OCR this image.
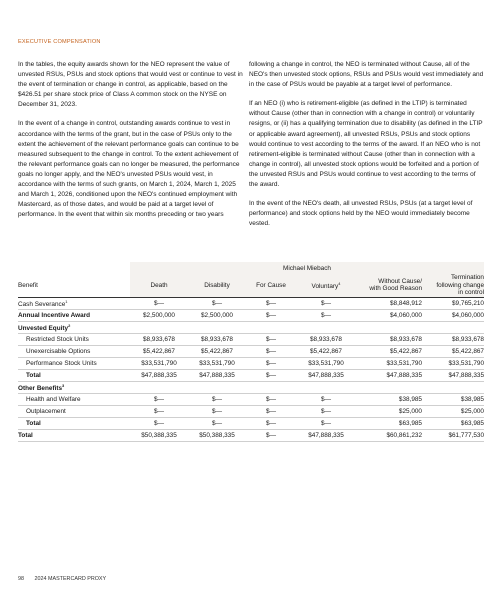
EXECUTIVE COMPENSATION

In the tables, the equity awards shown for the NEO represent the value of unvested RSUs, PSUs and stock options that would vest or continue to vest in the event of termination or change in control, as applicable, based on the $426.51 per share stock price of Class A common stock on the NYSE on December 31, 2023.

In the event of a change in control, outstanding awards continue to vest in accordance with the terms of the grant, but in the case of PSUs only to the extent the achievement of the relevant performance goals can continue to be measured subsequent to the change in control. To the extent achievement of the relevant performance goals can no longer be measured, the performance goals no longer apply, and the NEO's unvested PSUs would vest, in accordance with the terms of such grants, on March 1, 2024, March 1, 2025 and March 1, 2026, conditioned upon the NEO's continued employment with Mastercard, as of those dates, and would be paid at a target level of performance. In the event that within six months preceding or two years

following a change in control, the NEO is terminated without Cause, all of the NEO's then unvested stock options, RSUs and PSUs would vest immediately and in the case of PSUs would be payable at a target level of performance.

If an NEO (i) who is retirement-eligible (as defined in the LTIP) is terminated without Cause (other than in connection with a change in control) or voluntarily resigns, or (ii) has a qualifying termination due to disability (as defined in the LTIP or applicable award agreement), all unvested RSUs, PSUs and stock options would continue to vest according to the terms of the award. If an NEO who is not retirement-eligible is terminated without Cause (other than in connection with a change in control), all unvested stock options would be forfeited and a portion of the unvested RSUs and PSUs would continue to vest according to the terms of the award.

In the event of the NEO's death, all unvested RSUs, PSUs (at a target level of performance) and stock options held by the NEO would immediately become vested.

	Michael Miebach					
Benefit	Death	Disability	For Cause	Voluntary$^4$	Without Cause/
with Good Reason	Termination
following change
in control
Cash Severance$^1$	$—	$—	$—	$—	$8,848,912	$9,765,210
Annual Incentive Award	$2,500,000	$2,500,000	$—	$—	$4,060,000	$4,060,000
Unvested Equity$^2$
Restricted Stock Units	$8,933,678	$8,933,678	$—	$8,933,678	$8,933,678	$8,933,678
Unexercisable Options	$5,422,867	$5,422,867	$—	$5,422,867	$5,422,867	$5,422,867
Performance Stock Units	$33,531,790	$33,531,790	$—	$33,531,790	$33,531,790	$33,531,790
Total	$47,888,335	$47,888,335	$—	$47,888,335	$47,888,335	$47,888,335
Other Benefits$^3$
Health and Welfare	$—	$—	$—	$—	$38,985	$38,985
Outplacement	$—	$—	$—	$—	$25,000	$25,000
Total	$—	$—	$—	$—	$63,985	$63,985
Total	$50,388,335	$50,388,335	$—	$47,888,335	$60,861,232	$61,777,530
98 2024 MASTERCARD PROXY
